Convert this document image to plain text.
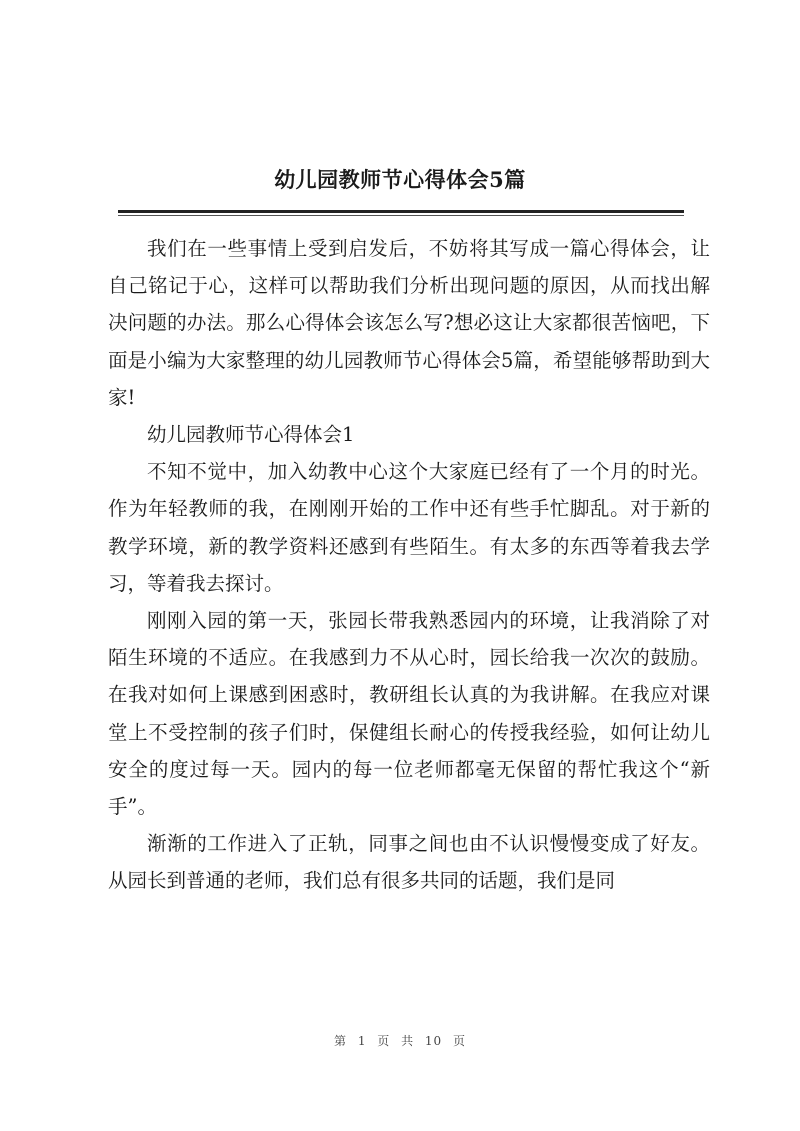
幼儿园教师节心得体会5篇

我们在一些事情上受到启发后，不妨将其写成一篇心得体会，让自己铭记于心，这样可以帮助我们分析出现问题的原因，从而找出解决问题的办法。那么心得体会该怎么写?想必这让大家都很苦恼吧，下面是小编为大家整理的幼儿园教师节心得体会5篇，希望能够帮助到大家!

幼儿园教师节心得体会1

不知不觉中，加入幼教中心这个大家庭已经有了一个月的时光。作为年轻教师的我，在刚刚开始的工作中还有些手忙脚乱。对于新的教学环境，新的教学资料还感到有些陌生。有太多的东西等着我去学习，等着我去探讨。

刚刚入园的第一天，张园长带我熟悉园内的环境，让我消除了对陌生环境的不适应。在我感到力不从心时，园长给我一次次的鼓励。在我对如何上课感到困惑时，教研组长认真的为我讲解。在我应对课堂上不受控制的孩子们时，保健组长耐心的传授我经验，如何让幼儿安全的度过每一天。园内的每一位老师都毫无保留的帮忙我这个“新手”。

渐渐的工作进入了正轨，同事之间也由不认识慢慢变成了好友。从园长到普通的老师，我们总有很多共同的话题，我们是同

第 1 页 共 10 页
